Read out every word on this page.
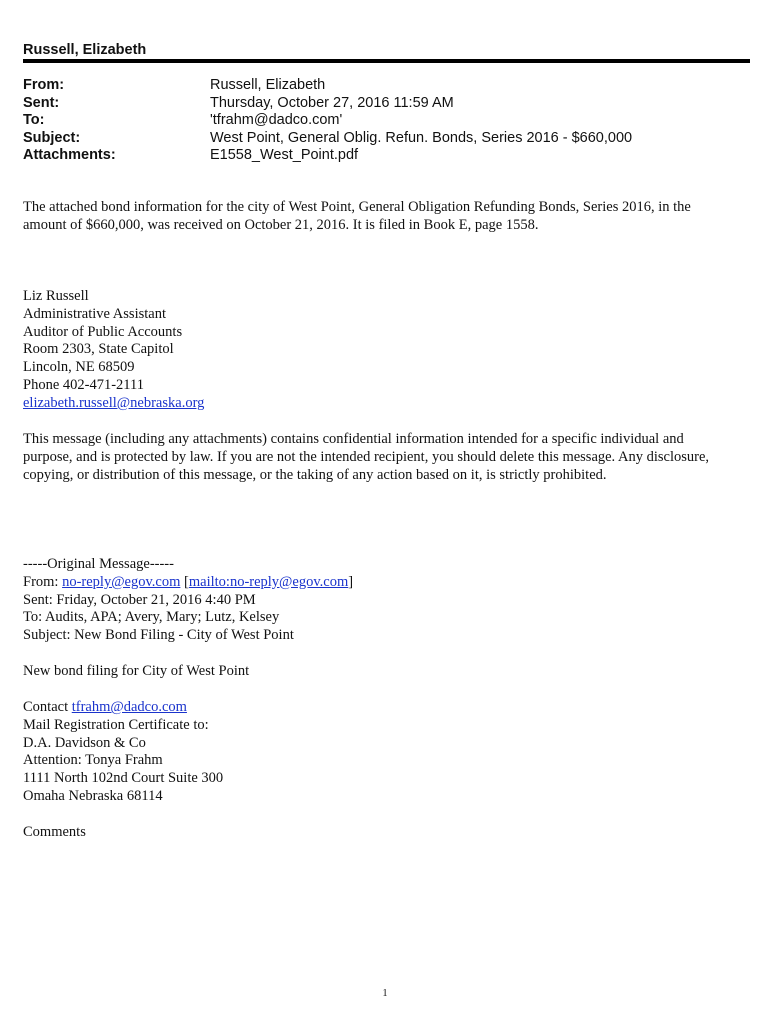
Russell, Elizabeth
From:	Russell, Elizabeth
Sent:	Thursday, October 27, 2016 11:59 AM
To:	'tfrahm@dadco.com'
Subject:	West Point, General Oblig. Refun. Bonds, Series 2016 - $660,000
Attachments:	E1558_West_Point.pdf
The attached bond information for the city of West Point, General Obligation Refunding Bonds, Series 2016, in the
amount of $660,000, was received on October 21, 2016. It is filed in Book E, page 1558.
Liz Russell
Administrative Assistant
Auditor of Public Accounts
Room 2303, State Capitol
Lincoln, NE 68509
Phone 402-471-2111
elizabeth.russell@nebraska.org
This message (including any attachments) contains confidential information intended for a specific individual and
purpose, and is protected by law. If you are not the intended recipient, you should delete this message. Any disclosure,
copying, or distribution of this message, or the taking of any action based on it, is strictly prohibited.
-----Original Message-----
From: no-reply@egov.com [mailto:no-reply@egov.com]
Sent: Friday, October 21, 2016 4:40 PM
To: Audits, APA; Avery, Mary; Lutz, Kelsey
Subject: New Bond Filing - City of West Point
New bond filing for City of West Point
Contact tfrahm@dadco.com
Mail Registration Certificate to:
D.A. Davidson & Co
Attention: Tonya Frahm
1111 North 102nd Court Suite 300
Omaha Nebraska 68114
Comments
1
